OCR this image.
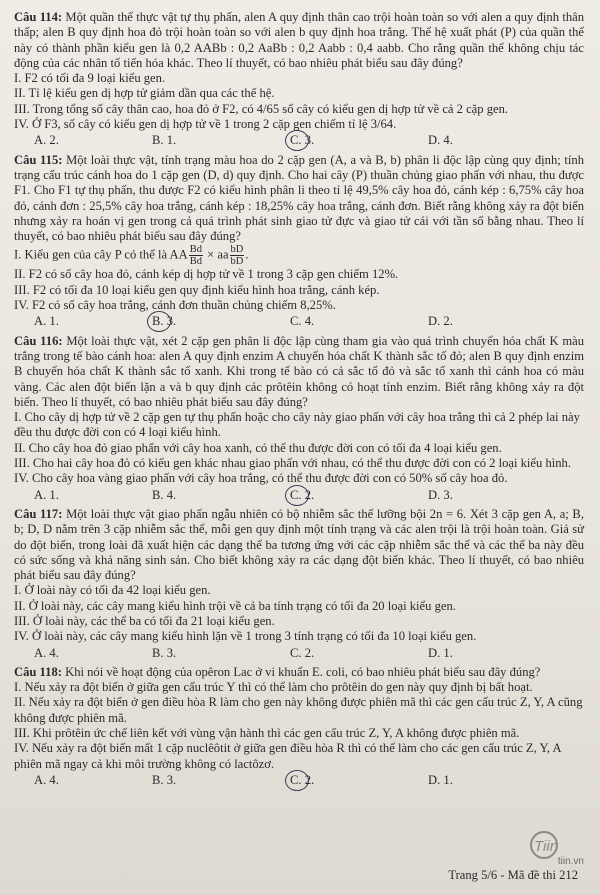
Câu 114: Một quần thể thực vật tự thụ phấn, alen A quy định thân cao trội hoàn toàn so với alen a quy định thân thấp; alen B quy định hoa đỏ trội hoàn toàn so với alen b quy định hoa trắng. Thế hệ xuất phát (P) của quần thể này có thành phần kiểu gen là 0,2 AABb : 0,2 AaBb : 0,2 Aabb : 0,4 aabb. Cho rằng quần thể không chịu tác động của các nhân tố tiến hóa khác. Theo lí thuyết, có bao nhiêu phát biểu sau đây đúng?

I. F2 có tối đa 9 loại kiểu gen.

II. Tỉ lệ kiểu gen dị hợp tử giảm dần qua các thế hệ.

III. Trong tổng số cây thân cao, hoa đỏ ở F2, có 4/65 số cây có kiểu gen dị hợp tử về cả 2 cặp gen.

IV. Ở F3, số cây có kiểu gen dị hợp tử về 1 trong 2 cặp gen chiếm tỉ lệ 3/64.

A. 2.	B. 1.	C. 3.	D. 4.

Câu 115: Một loài thực vật, tính trạng màu hoa do 2 cặp gen (A, a và B, b) phân li độc lập cùng quy định; tính trạng cấu trúc cánh hoa do 1 cặp gen (D, d) quy định. Cho hai cây (P) thuần chủng giao phấn với nhau, thu được F1. Cho F1 tự thụ phấn, thu được F2 có kiểu hình phân li theo tỉ lệ 49,5% cây hoa đỏ, cánh kép : 6,75% cây hoa đỏ, cánh đơn : 25,5% cây hoa trắng, cánh kép : 18,25% cây hoa trắng, cánh đơn. Biết rằng không xảy ra đột biến nhưng xảy ra hoán vị gen trong cả quá trình phát sinh giao tử đực và giao tử cái với tần số bằng nhau. Theo lí thuyết, có bao nhiêu phát biểu sau đây đúng?

I. Kiểu gen của cây P có thể là AA $\frac{Bd}{Bd}$ × aa $\frac{bD}{bD}$ .

II. F2 có số cây hoa đỏ, cánh kép dị hợp tử về 1 trong 3 cặp gen chiếm 12%.

III. F2 có tối đa 10 loại kiểu gen quy định kiểu hình hoa trắng, cánh kép.

IV. F2 có số cây hoa trắng, cánh đơn thuần chủng chiếm 8,25%.

A. 1.	B. 3.	C. 4.	D. 2.

Câu 116: Một loài thực vật, xét 2 cặp gen phân li độc lập cùng tham gia vào quá trình chuyển hóa chất K màu trắng trong tế bào cánh hoa: alen A quy định enzim A chuyển hóa chất K thành sắc tố đỏ; alen B quy định enzim B chuyển hóa chất K thành sắc tố xanh. Khi trong tế bào có cả sắc tố đỏ và sắc tố xanh thì cánh hoa có màu vàng. Các alen đột biến lặn a và b quy định các prôtêin không có hoạt tính enzim. Biết rằng không xảy ra đột biến. Theo lí thuyết, có bao nhiêu phát biểu sau đây đúng?

I. Cho cây dị hợp tử về 2 cặp gen tự thụ phấn hoặc cho cây này giao phấn với cây hoa trắng thì cả 2 phép lai này đều thu được đời con có 4 loại kiểu hình.

II. Cho cây hoa đỏ giao phấn với cây hoa xanh, có thể thu được đời con có tối đa 4 loại kiểu gen.

III. Cho hai cây hoa đỏ có kiểu gen khác nhau giao phấn với nhau, có thể thu được đời con có 2 loại kiểu hình.

IV. Cho cây hoa vàng giao phấn với cây hoa trắng, có thể thu được đời con có 50% số cây hoa đỏ.

A. 1.	B. 4.	C. 2.	D. 3.

Câu 117: Một loài thực vật giao phấn ngẫu nhiên có bộ nhiễm sắc thể lưỡng bội 2n = 6. Xét 3 cặp gen A, a; B, b; D, D nằm trên 3 cặp nhiễm sắc thể, mỗi gen quy định một tính trạng và các alen trội là trội hoàn toàn. Giả sử do đột biến, trong loài đã xuất hiện các dạng thể ba tương ứng với các cặp nhiễm sắc thể và các thể ba này đều có sức sống và khả năng sinh sản. Cho biết không xảy ra các dạng đột biến khác. Theo lí thuyết, có bao nhiêu phát biểu sau đây đúng?

I. Ở loài này có tối đa 42 loại kiểu gen.

II. Ở loài này, các cây mang kiểu hình trội về cả ba tính trạng có tối đa 20 loại kiểu gen.

III. Ở loài này, các thể ba có tối đa 21 loại kiểu gen.

IV. Ở loài này, các cây mang kiểu hình lặn về 1 trong 3 tính trạng có tối đa 10 loại kiểu gen.

A. 4.	B. 3.	C. 2.	D. 1.

Câu 118: Khi nói về hoạt động của opêron Lac ở vi khuẩn E. coli, có bao nhiêu phát biểu sau đây đúng?

I. Nếu xảy ra đột biến ở giữa gen cấu trúc Y thì có thể làm cho prôtêin do gen này quy định bị bất hoạt.

II. Nếu xảy ra đột biến ở gen điều hòa R làm cho gen này không được phiên mã thì các gen cấu trúc Z, Y, A cũng không được phiên mã.

III. Khi prôtêin ức chế liên kết với vùng vận hành thì các gen cấu trúc Z, Y, A không được phiên mã.

IV. Nếu xảy ra đột biến mất 1 cặp nuclêôtit ở giữa gen điều hòa R thì có thể làm cho các gen cấu trúc Z, Y, A phiên mã ngay cả khi môi trường không có lactôzơ.

A. 4.	B. 3.	C. 2.	D. 1.
Tiin
tiin.vn
Trang 5/6 - Mã đề thi 212
